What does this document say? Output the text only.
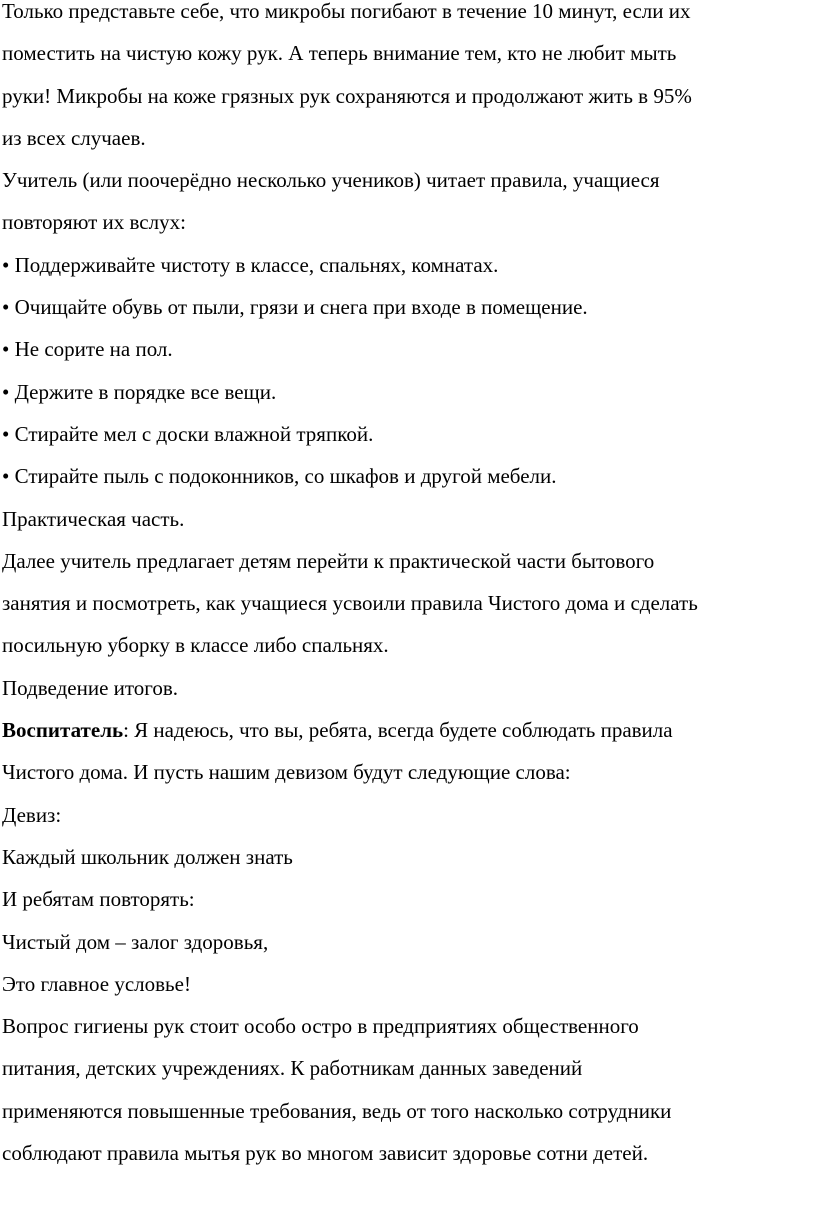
Только представьте себе, что микробы погибают в течение 10 минут, если их
поместить на чистую кожу рук. А теперь внимание тем, кто не любит мыть
руки! Микробы на коже грязных рук сохраняются и продолжают жить в 95%
из всех случаев.

Учитель (или поочерёдно несколько учеников) читает правила, учащиеся
повторяют их вслух:

• Поддерживайте чистоту в классе, спальнях, комнатах.

• Очищайте обувь от пыли, грязи и снега при входе в помещение.

• Не сорите на пол.

• Держите в порядке все вещи.

• Стирайте мел с доски влажной тряпкой.

• Стирайте пыль с подоконников, со шкафов и другой мебели.

Практическая часть.

Далее учитель предлагает детям перейти к практической части бытового
занятия и посмотреть, как учащиеся усвоили правила Чистого дома и сделать
посильную уборку в классе либо спальнях.

Подведение итогов.

Воспитатель: Я надеюсь, что вы, ребята, всегда будете соблюдать правила
Чистого дома. И пусть нашим девизом будут следующие слова:

Девиз:

Каждый школьник должен знать

И ребятам повторять:

Чистый дом – залог здоровья,

Это главное условье!

Вопрос гигиены рук стоит особо остро в предприятиях общественного
питания, детских учреждениях. К работникам данных заведений
применяются повышенные требования, ведь от того насколько сотрудники
соблюдают правила мытья рук во многом зависит здоровье сотни детей.
